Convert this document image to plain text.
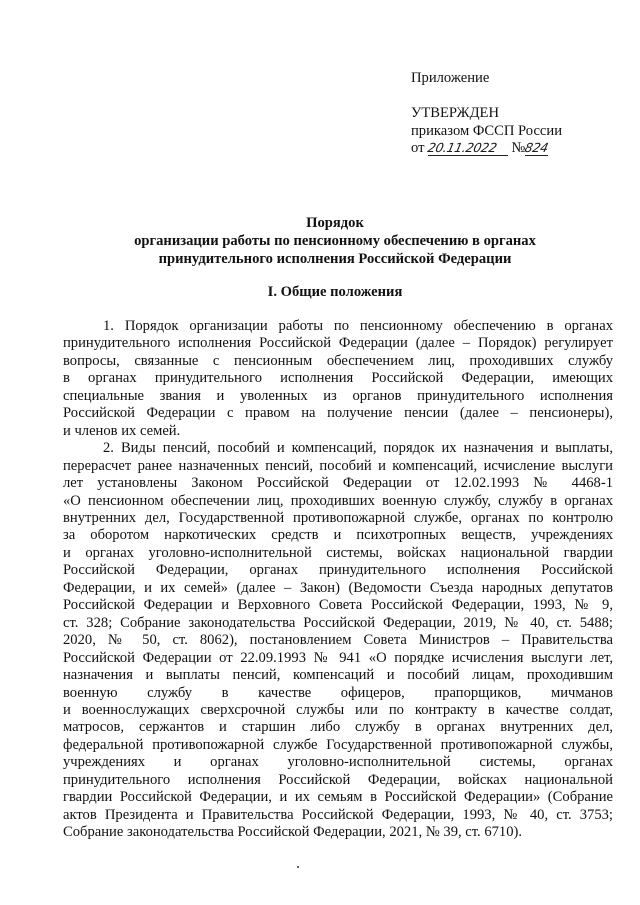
Приложение
УТВЕРЖДЕН
приказом ФССП России
от 20.11.2022 №824
Порядок
организации работы по пенсионному обеспечению в органах
принудительного исполнения Российской Федерации
I. Общие положения
1. Порядок организации работы по пенсионному обеспечению в органах
принудительного исполнения Российской Федерации (далее – Порядок) регулирует
вопросы, связанные с пенсионным обеспечением лиц, проходивших службу
в органах принудительного исполнения Российской Федерации, имеющих
специальные звания и уволенных из органов принудительного исполнения
Российской Федерации с правом на получение пенсии (далее – пенсионеры),
и членов их семей.
2. Виды пенсий, пособий и компенсаций, порядок их назначения и выплаты,
перерасчет ранее назначенных пенсий, пособий и компенсаций, исчисление выслуги
лет установлены Законом Российской Федерации от 12.02.1993 № 4468-1
«О пенсионном обеспечении лиц, проходивших военную службу, службу в органах
внутренних дел, Государственной противопожарной службе, органах по контролю
за оборотом наркотических средств и психотропных веществ, учреждениях
и органах уголовно-исполнительной системы, войсках национальной гвардии
Российской Федерации, органах принудительного исполнения Российской
Федерации, и их семей» (далее – Закон) (Ведомости Съезда народных депутатов
Российской Федерации и Верховного Совета Российской Федерации, 1993, № 9,
ст. 328; Собрание законодательства Российской Федерации, 2019, № 40, ст. 5488;
2020, № 50, ст. 8062), постановлением Совета Министров – Правительства
Российской Федерации от 22.09.1993 № 941 «О порядке исчисления выслуги лет,
назначения и выплаты пенсий, компенсаций и пособий лицам, проходившим
военную службу в качестве офицеров, прапорщиков, мичманов
и военнослужащих сверхсрочной службы или по контракту в качестве солдат,
матросов, сержантов и старшин либо службу в органах внутренних дел,
федеральной противопожарной службе Государственной противопожарной службы,
учреждениях и органах уголовно-исполнительной системы, органах
принудительного исполнения Российской Федерации, войсках национальной
гвардии Российской Федерации, и их семьям в Российской Федерации» (Собрание
актов Президента и Правительства Российской Федерации, 1993, № 40, ст. 3753;
Собрание законодательства Российской Федерации, 2021, № 39, ст. 6710).
